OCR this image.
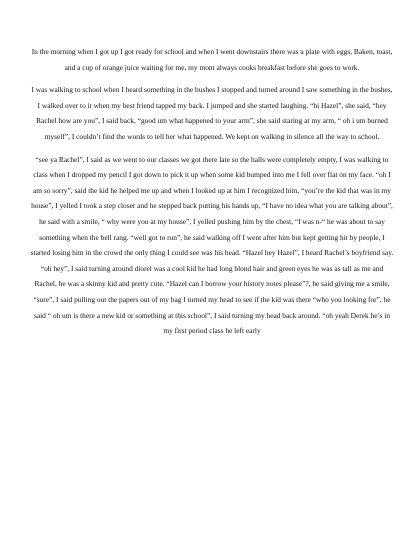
In the morning when I got up I got ready for school and when I went downstairs there was a plate with eggs, Baken, toast, and a cup of orange juice waiting for me, my mom always cooks breakfast before she goes to work.

I was walking to school when I heard something in the bushes I stopped and turned around I saw something in the bushes, I walked over to it when my best friend tapped my back. I jumped and she started laughing. “hi Hazel”, she said, “hey Rachel how are you”, I said back, “good um what happened to your arm”, she said staring at my arm, “ oh i um burned myself”, I couldn’t find the words to tell her what happened. We kept on walking in silence all the way to school.

“see ya Rachel”, I said as we went to our classes we got there late so the halls were completely empty, I was walking to class when I dropped my pencil I got down to pick it up when some kid bumped into me I fell over flat on my face. “oh I am so sorry”, said the kid he helped me up and when I looked up at him I recognized him, “you’re the kid that was in my house”, I yelled I took a step closer and he stepped back putting his hands up, “I have no idea what you are talking about”, he said with a smile, “ why were you at my house”, I yelled pushing him by the chest, “I was n-“ he was about to say something when the bell rang. “well got to run”, he said walking off I went after him but kept getting hit by people, I started losing him in the crowd the only thing I could see was his head. “Hazel hey Hazel”, I heard Rachel’s boyfriend say. “oh hey”, I said turning around diorel was a cool kid he had long blond hair and green eyes he was as tall as me and Rachel, he was a skinny kid and pretty cute. “Hazel can I borrow your history notes please”?, he said giving me a smile, “sure”, I said pulling out the papers out of my bag I turned my head to see if the kid was there “who you looking for”, he said “ oh um is there a new kid or something at this school”, I said turning my head back around. “oh yeah Derek he’s in my first period class he left early
